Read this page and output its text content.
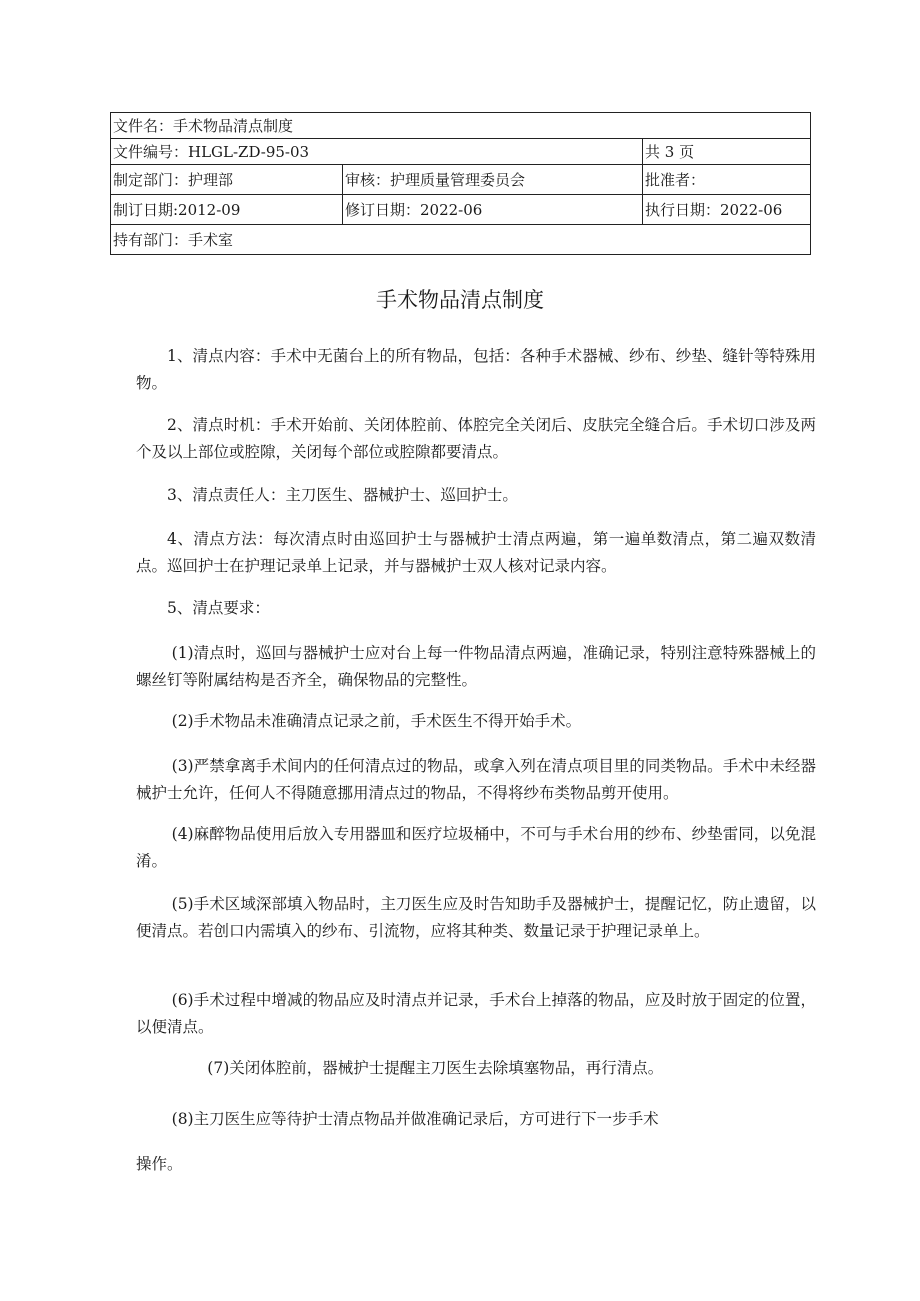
文件名：手术物品清点制度		
文件编号：HLGL-ZD-95-03		共 3 页
制定部门：护理部	审核：护理质量管理委员会	批准者：
制订日期:2012-09	修订日期：2022-06	执行日期：2022-06
持有部门：手术室		
手术物品清点制度

1、清点内容：手术中无菌台上的所有物品，包括：各种手术器械、纱布、纱垫、缝针等特殊用物。

2、清点时机：手术开始前、关闭体腔前、体腔完全关闭后、皮肤完全缝合后。手术切口涉及两个及以上部位或腔隙，关闭每个部位或腔隙都要清点。

3、清点责任人：主刀医生、器械护士、巡回护士。

4、清点方法：每次清点时由巡回护士与器械护士清点两遍，第一遍单数清点，第二遍双数清点。巡回护士在护理记录单上记录，并与器械护士双人核对记录内容。

5、清点要求：

(1)清点时，巡回与器械护士应对台上每一件物品清点两遍，准确记录，特别注意特殊器械上的螺丝钉等附属结构是否齐全，确保物品的完整性。

(2)手术物品未准确清点记录之前，手术医生不得开始手术。

(3)严禁拿离手术间内的任何清点过的物品，或拿入列在清点项目里的同类物品。手术中未经器械护士允许，任何人不得随意挪用清点过的物品，不得将纱布类物品剪开使用。

(4)麻醉物品使用后放入专用器皿和医疗垃圾桶中，不可与手术台用的纱布、纱垫雷同，以免混淆。

(5)手术区域深部填入物品时，主刀医生应及时告知助手及器械护士，提醒记忆，防止遗留，以便清点。若创口内需填入的纱布、引流物，应将其种类、数量记录于护理记录单上。

(6)手术过程中增减的物品应及时清点并记录，手术台上掉落的物品，应及时放于固定的位置，以便清点。

(7)关闭体腔前，器械护士提醒主刀医生去除填塞物品，再行清点。

(8)主刀医生应等待护士清点物品并做准确记录后，方可进行下一步手术

操作。
